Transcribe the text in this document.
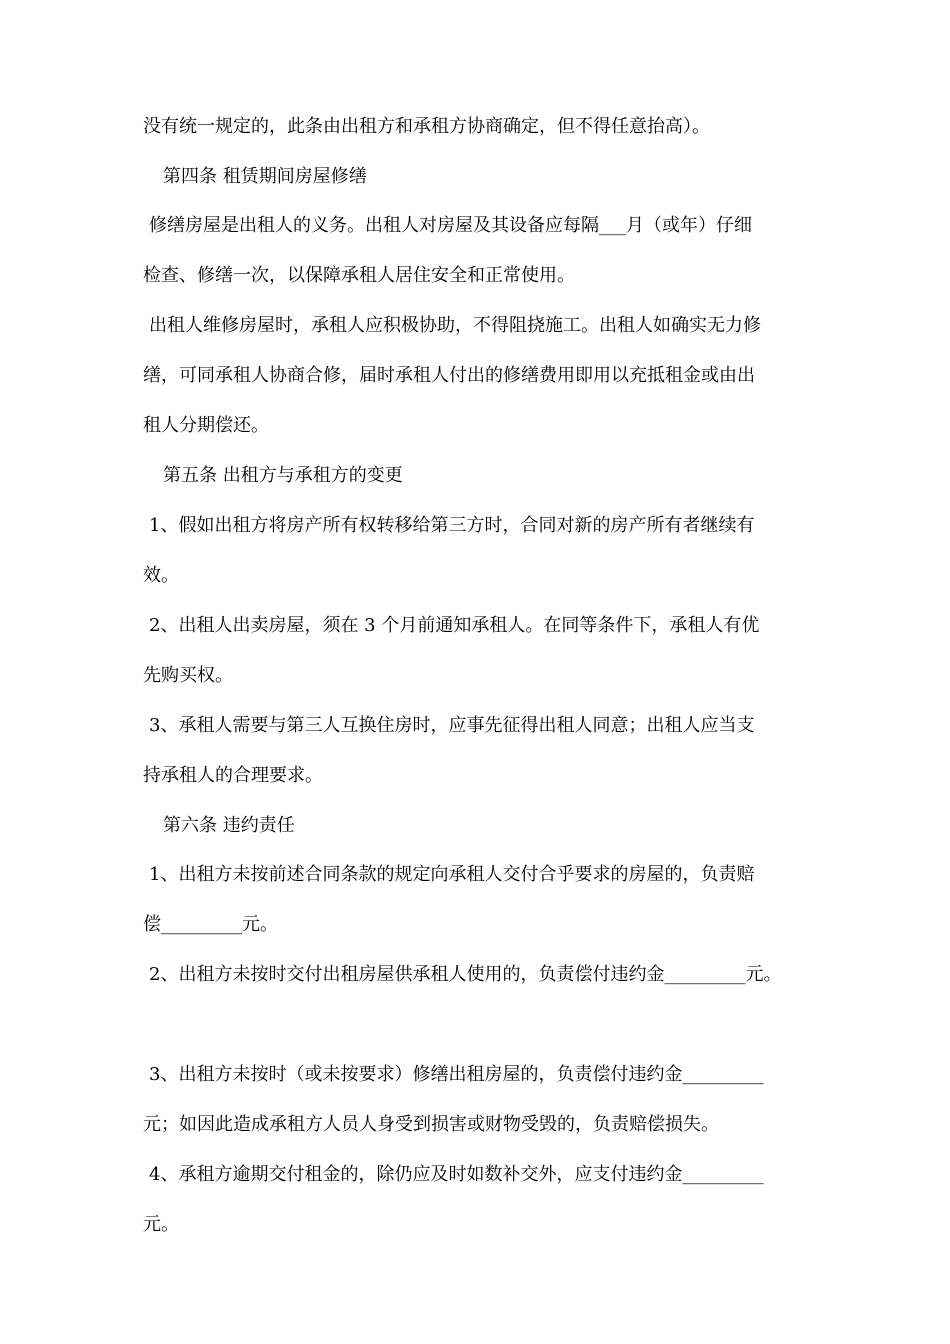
没有统一规定的，此条由出租方和承租方协商确定，但不得任意抬高）。
第四条 租赁期间房屋修缮
修缮房屋是出租人的义务。出租人对房屋及其设备应每隔___月（或年）仔细
检查、修缮一次，以保障承租人居住安全和正常使用。
出租人维修房屋时，承租人应积极协助，不得阻挠施工。出租人如确实无力修
缮，可同承租人协商合修，届时承租人付出的修缮费用即用以充抵租金或由出
租人分期偿还。
第五条 出租方与承租方的变更
1、假如出租方将房产所有权转移给第三方时，合同对新的房产所有者继续有
效。
2、出租人出卖房屋，须在 3 个月前通知承租人。在同等条件下，承租人有优
先购买权。
3、承租人需要与第三人互换住房时，应事先征得出租人同意；出租人应当支
持承租人的合理要求。
第六条 违约责任
1、出租方未按前述合同条款的规定向承租人交付合乎要求的房屋的，负责赔
偿_________元。
2、出租方未按时交付出租房屋供承租人使用的，负责偿付违约金_________元。
3、出租方未按时（或未按要求）修缮出租房屋的，负责偿付违约金_________
元；如因此造成承租方人员人身受到损害或财物受毁的，负责赔偿损失。
4、承租方逾期交付租金的，除仍应及时如数补交外，应支付违约金_________
元。
